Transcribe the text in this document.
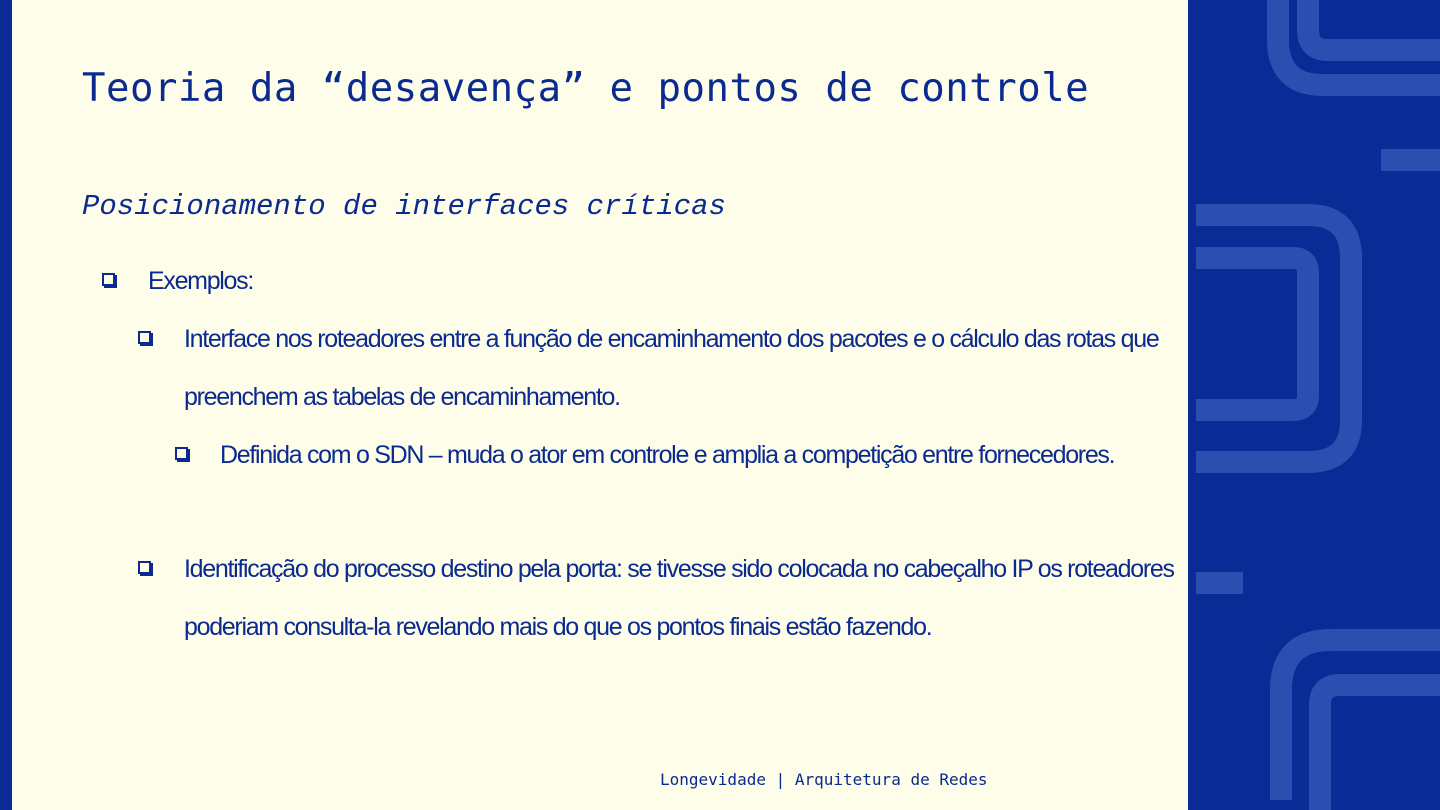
Teoria da “desavença” e pontos de controle
Posicionamento de interfaces críticas
Exemplos:
Interface nos roteadores entre a função de encaminhamento dos pacotes e o cálculo das rotas que preenchem as tabelas de encaminhamento.
Definida com o SDN – muda o ator em controle e amplia a competição entre fornecedores.
Identificação do processo destino pela porta: se tivesse sido colocada no cabeçalho IP os roteadores poderiam consulta-la revelando mais do que os pontos finais estão fazendo.
Longevidade | Arquitetura de Redes
